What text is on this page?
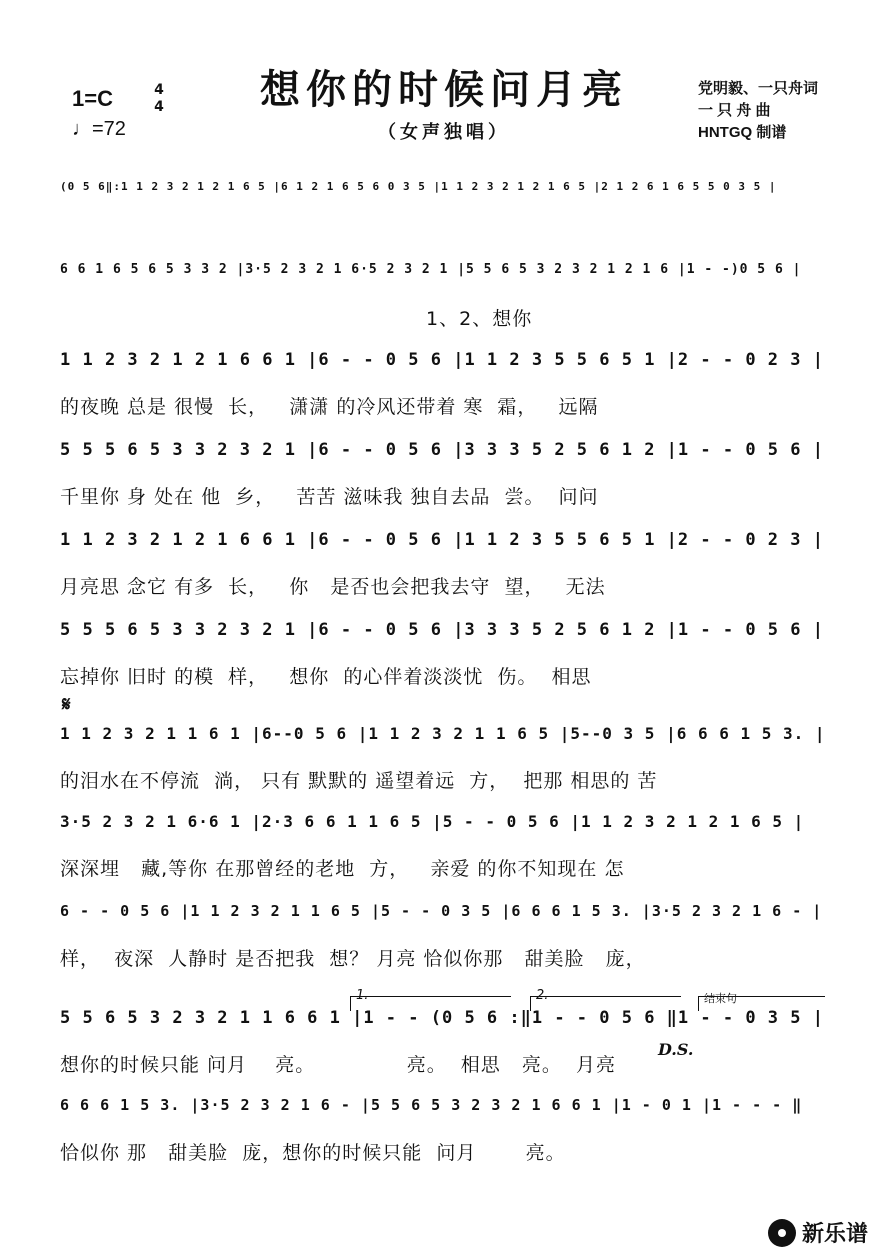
想你的时候问月亮
（女声独唱）
1=C	4
4
♩=72
党明毅、一只舟词
一 只 舟 曲
HNTGQ 制谱
(0 5 6‖:1 1 2 3 2 1 2 1 6 5 |6 1 2 1 6 5 6 0 3 5 |1 1 2 3 2 1 2 1 6 5 |2 1 2 6 1 6 5 5 0 3 5 |
6 6 1 6 5 6 5 3 3 2 |3·5 2 3 2 1 6·5 2 3 2 1 |5 5 6 5 3 2 3 2 1 2 1 6 |1 - -)0 5 6 |
1、2、想你
1 1 2 3 2 1 2 1 6 6 1 |6 - - 0 5 6 |1 1 2 3 5 5 6 5 1 |2 - - 0 2 3 |
的夜晚 总是 很慢  长，   潇潇 的冷风还带着 寒  霜，   远隔
5 5 5 6 5 3 3 2 3 2 1 |6 - - 0 5 6 |3 3 3 5 2 5 6 1 2 |1 - - 0 5 6 |
千里你 身 处在 他  乡，   苦苦 滋味我 独自去品  尝。  问问
1 1 2 3 2 1 2 1 6 6 1 |6 - - 0 5 6 |1 1 2 3 5 5 6 5 1 |2 - - 0 2 3 |
月亮思 念它 有多  长，   你   是否也会把我去守  望，   无法
5 5 5 6 5 3 3 2 3 2 1 |6 - - 0 5 6 |3 3 3 5 2 5 6 1 2 |1 - - 0 5 6 |
忘掉你 旧时 的模  样，   想你  的心伴着淡淡忧  伤。  相思
1 1 2 3 2 1 1 6 1 |6--0 5 6 |1 1 2 3 2 1 1 6 5 |5--0 3 5 |6 6 6 1 5 3. |
的泪水在不停流  淌， 只有 默默的 遥望着远  方，  把那 相思的 苦
3·5 2 3 2 1 6·6 1 |2·3 6 6 1 1 6 5 |5 - - 0 5 6 |1 1 2 3 2 1 2 1 6 5 |
深深埋   藏,等你 在那曾经的老地  方，   亲爱 的你不知现在 怎
6 - - 0 5 6 |1 1 2 3 2 1 1 6 5 |5 - - 0 3 5 |6 6 6 1 5 3. |3·5 2 3 2 1 6 - |
样，  夜深  人静时 是否把我  想？ 月亮 恰似你那   甜美脸   庞，
5 5 6 5 3 2 3 2 1 1 6 6 1 |1 - - (0 5 6 :‖1 - - 0 5 6 ‖1 - - 0 3 5 |
想你的时候只能 问月    亮。             亮。  相思   亮。  月亮
6 6 6 1 5 3. |3·5 2 3 2 1 6 - |5 5 6 5 3 2 3 2 1 6 6 1 |1 - 0 1 |1 - - - ‖
恰似你 那   甜美脸  庞，想你的时候只能  问月       亮。
𝄋
1.	2.	结束句
D.S.
新乐谱
